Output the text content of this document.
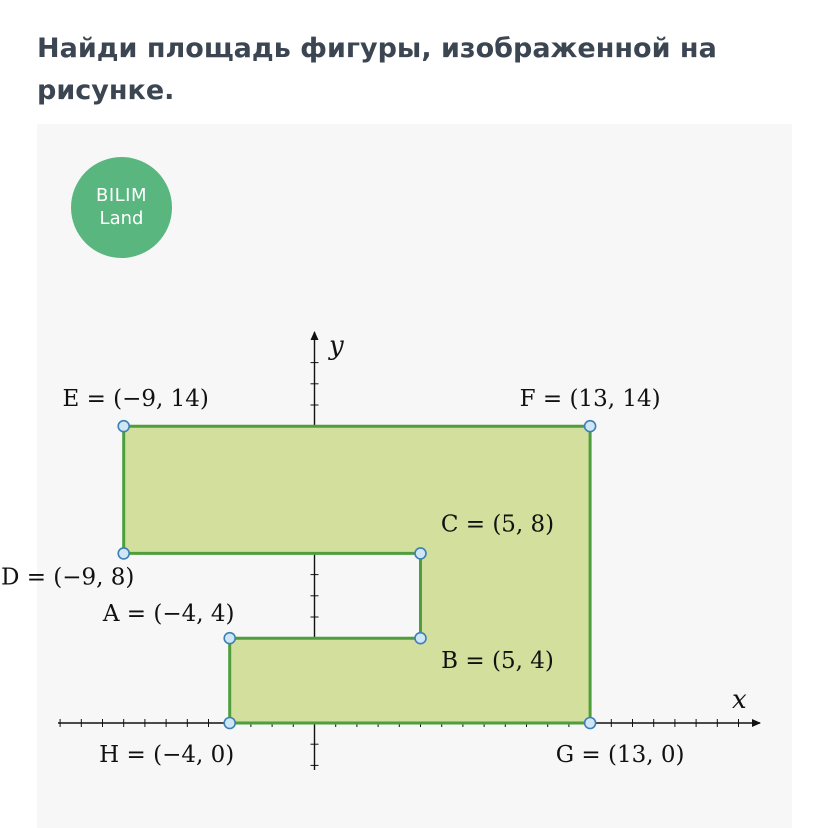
Найди площадь фигуры, изображенной на рисунке.
BILIM
Land
A = (−4, 4)
B = (5, 4)
C = (5, 8)
D = (−9, 8)
E = (−9, 14)	F = (13, 14)
G = (13, 0)
H = (−4, 0)
x
y
